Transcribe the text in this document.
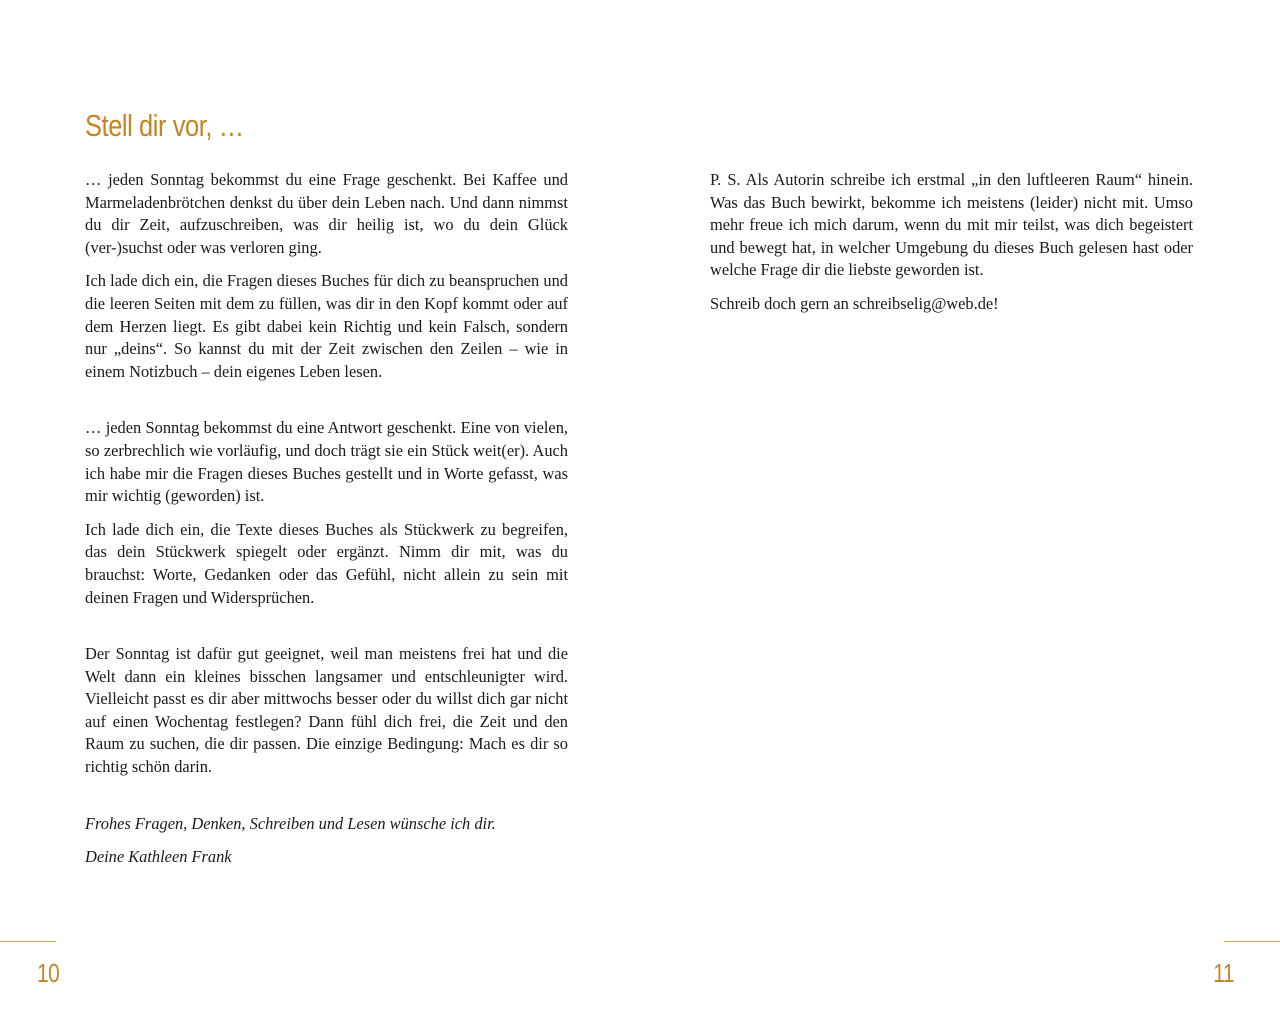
Stell dir vor, …

… jeden Sonntag bekommst du eine Frage geschenkt. Bei Kaffee und Marmeladenbrötchen denkst du über dein Leben nach. Und dann nimmst du dir Zeit, aufzuschreiben, was dir heilig ist, wo du dein Glück (ver-)suchst oder was verloren ging.

Ich lade dich ein, die Fragen dieses Buches für dich zu beanspruchen und die leeren Seiten mit dem zu füllen, was dir in den Kopf kommt oder auf dem Herzen liegt. Es gibt dabei kein Richtig und kein Falsch, sondern nur „deins“. So kannst du mit der Zeit zwischen den Zeilen – wie in einem Notizbuch – dein eigenes Leben lesen.

… jeden Sonntag bekommst du eine Antwort geschenkt. Eine von vielen, so zerbrechlich wie vorläufig, und doch trägt sie ein Stück weit(er). Auch ich habe mir die Fragen dieses Buches gestellt und in Worte gefasst, was mir wichtig (geworden) ist.

Ich lade dich ein, die Texte dieses Buches als Stückwerk zu begreifen, das dein Stückwerk spiegelt oder ergänzt. Nimm dir mit, was du brauchst: Worte, Gedanken oder das Gefühl, nicht allein zu sein mit deinen Fragen und Widersprüchen.

Der Sonntag ist dafür gut geeignet, weil man meistens frei hat und die Welt dann ein kleines bisschen langsamer und entschleunigter wird. Vielleicht passt es dir aber mittwochs besser oder du willst dich gar nicht auf einen Wochentag festlegen? Dann fühl dich frei, die Zeit und den Raum zu suchen, die dir passen. Die einzige Bedingung: Mach es dir so richtig schön darin.

Frohes Fragen, Denken, Schreiben und Lesen wünsche ich dir.

Deine Kathleen Frank

P. S. Als Autorin schreibe ich erstmal „in den luftleeren Raum“ hinein. Was das Buch bewirkt, bekomme ich meistens (leider) nicht mit. Umso mehr freue ich mich darum, wenn du mit mir teilst, was dich begeistert und bewegt hat, in welcher Umgebung du dieses Buch gelesen hast oder welche Frage dir die liebste geworden ist.

Schreib doch gern an schreibselig@web.de!

10	11
